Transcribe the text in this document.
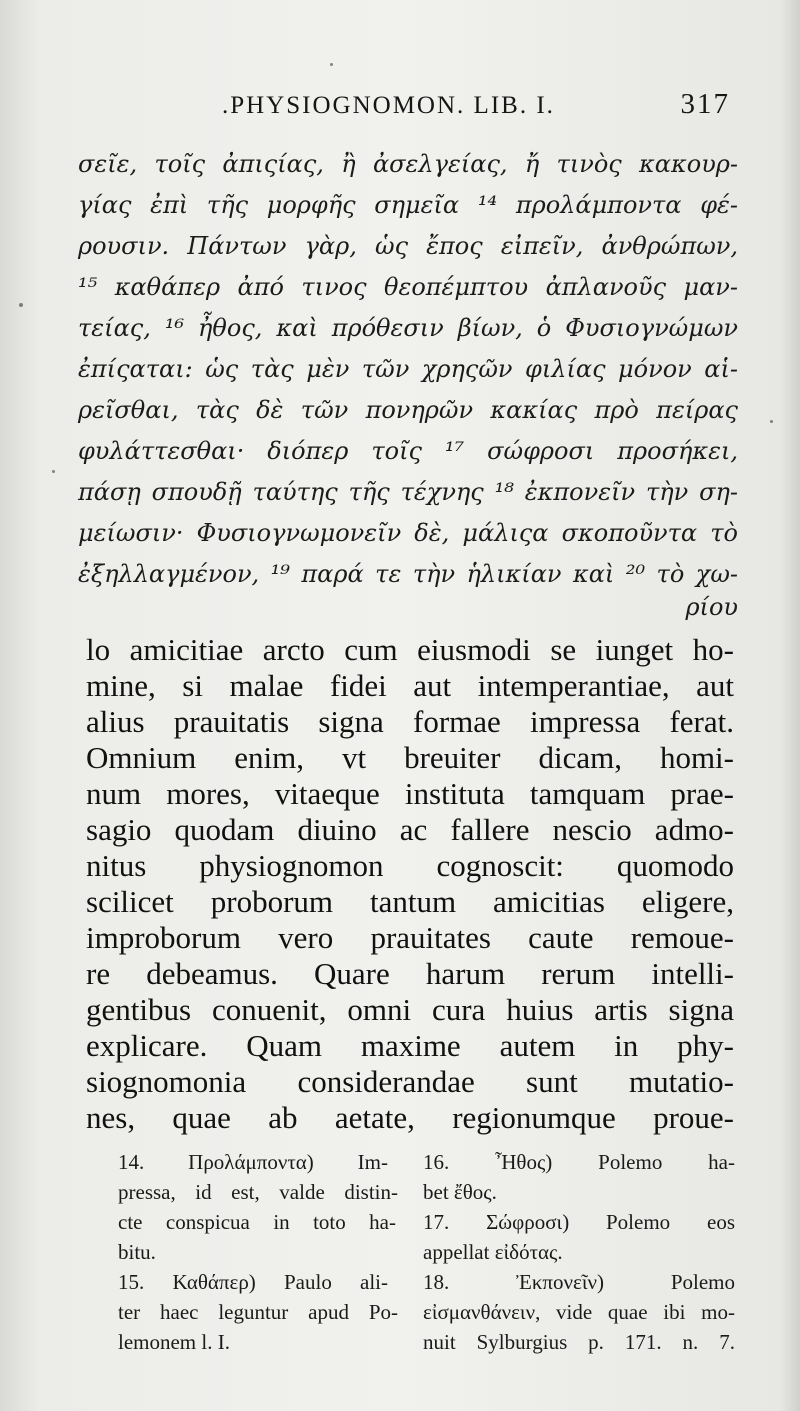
.PHYSIOGNOMON. LIB. I.	317
σεῖε, τοῖς ἀπιςίας, ἢ ἀσελγείας, ἤ τινὸς κακουρ-
γίας ἐπὶ τῆς μορφῆς σημεῖα ¹⁴ προλάμποντα φέ-
ρουσιν. Πάντων γὰρ, ὡς ἔπος εἰπεῖν, ἀνθρώπων,
¹⁵ καθάπερ ἀπό τινος θεοπέμπτου ἀπλανοῦς μαν-
τείας, ¹⁶ ἦθος, καὶ πρόθεσιν βίων, ὁ Φυσιογνώμων
ἐπίςαται: ὡς τὰς μὲν τῶν χρηςῶν φιλίας μόνον αἱ-
ρεῖσθαι, τὰς δὲ τῶν πονηρῶν κακίας πρὸ πείρας
φυλάττεσθαι· διόπερ τοῖς ¹⁷ σώφροσι προσήκει,
πάσῃ σπουδῇ ταύτης τῆς τέχνης ¹⁸ ἐκπονεῖν τὴν ση-
μείωσιν· Φυσιογνωμονεῖν δὲ, μάλιςα σκοποῦντα τὸ
ἐξηλλαγμένον, ¹⁹ παρά τε τὴν ἡλικίαν καὶ ²⁰ τὸ χω-
ρίου
lo amicitiae arcto cum eiusmodi se iunget ho-
mine, si malae fidei aut intemperantiae, aut
alius prauitatis signa formae impressa ferat.
Omnium enim, vt breuiter dicam, homi-
num mores, vitaeque instituta tamquam prae-
sagio quodam diuino ac fallere nescio admo-
nitus physiognomon cognoscit: quomodo
scilicet proborum tantum amicitias eligere,
improborum vero prauitates caute remoue-
re debeamus. Quare harum rerum intelli-
gentibus conuenit, omni cura huius artis signa
explicare. Quam maxime autem in phy-
siognomonia considerandae sunt mutatio-
nes, quae ab aetate, regionumque proue-
14. Προλάμποντα) Im-
pressa, id est, valde distin-
cte conspicua in toto ha-
bitu.
15. Καθάπερ) Paulo ali-
ter haec leguntur apud Po-
lemonem l. I.
16. Ἦθος) Polemo ha-
bet ἔθος.
17. Σώφροσι) Polemo eos
appellat εἰδότας.
18. Ἐκπονεῖν) Polemo
εἰσμανθάνειν, vide quae ibi mo-
nuit Sylburgius p. 171. n. 7.
